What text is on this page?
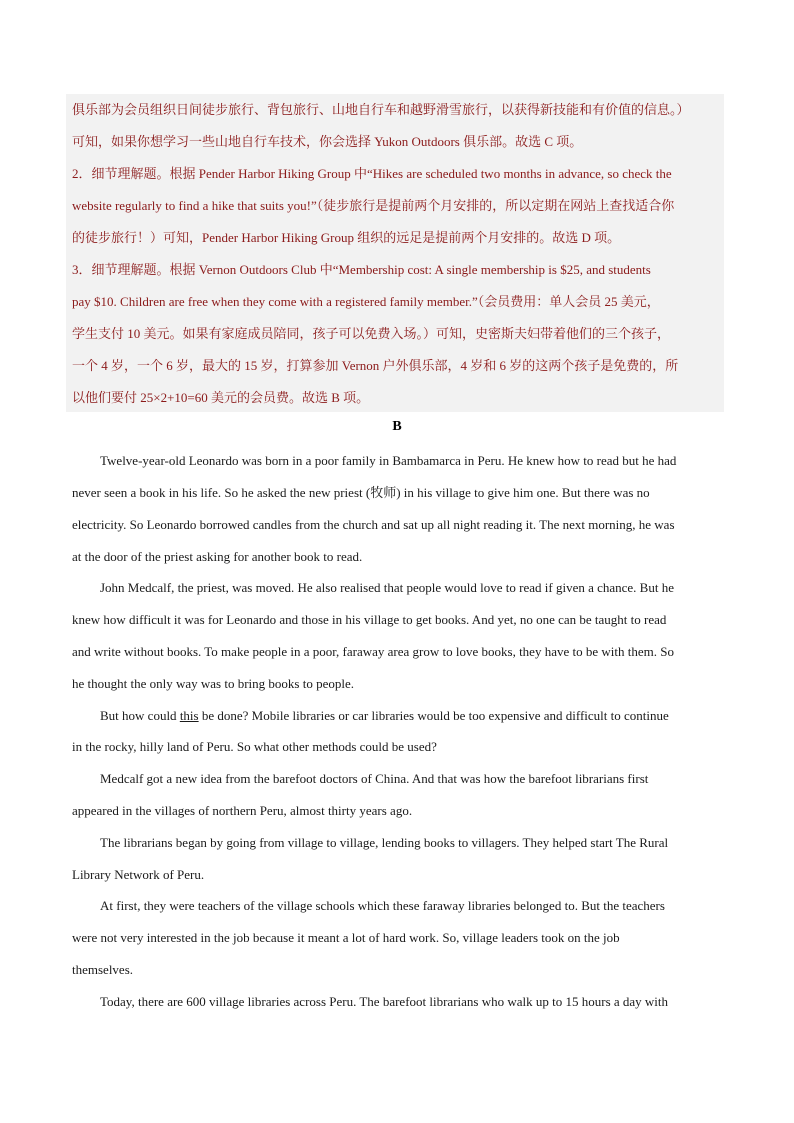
俱乐部为会员组织日间徒步旅行、背包旅行、山地自行车和越野滑雪旅行，以获得新技能和有价值的信息。）
可知，如果你想学习一些山地自行车技术，你会选择 Yukon Outdoors 俱乐部。故选 C 项。
2．细节理解题。根据 Pender Harbor Hiking Group 中“Hikes are scheduled two months in advance, so check the
website regularly to find a hike that suits you!”（徒步旅行是提前两个月安排的，所以定期在网站上查找适合你
的徒步旅行！）可知，Pender Harbor Hiking Group 组织的远足是提前两个月安排的。故选 D 项。
3．细节理解题。根据 Vernon Outdoors Club 中“Membership cost: A single membership is $25, and students
pay $10. Children are free when they come with a registered family member.”（会员费用：单人会员 25 美元，
学生支付 10 美元。如果有家庭成员陪同，孩子可以免费入场。）可知，史密斯夫妇带着他们的三个孩子，
一个 4 岁，一个 6 岁，最大的 15 岁，打算参加 Vernon 户外俱乐部，4 岁和 6 岁的这两个孩子是免费的，所
以他们要付 25×2+10=60 美元的会员费。故选 B 项。
B
Twelve-year-old Leonardo was born in a poor family in Bambamarca in Peru. He knew how to read but he had
never seen a book in his life. So he asked the new priest (牧师) in his village to give him one. But there was no
electricity. So Leonardo borrowed candles from the church and sat up all night reading it. The next morning, he was
at the door of the priest asking for another book to read.
John Medcalf, the priest, was moved. He also realised that people would love to read if given a chance. But he
knew how difficult it was for Leonardo and those in his village to get books. And yet, no one can be taught to read
and write without books. To make people in a poor, faraway area grow to love books, they have to be with them. So
he thought the only way was to bring books to people.
But how could this be done? Mobile libraries or car libraries would be too expensive and difficult to continue
in the rocky, hilly land of Peru. So what other methods could be used?
Medcalf got a new idea from the barefoot doctors of China. And that was how the barefoot librarians first
appeared in the villages of northern Peru, almost thirty years ago.
The librarians began by going from village to village, lending books to villagers. They helped start The Rural
Library Network of Peru.
At first, they were teachers of the village schools which these faraway libraries belonged to. But the teachers
were not very interested in the job because it meant a lot of hard work. So, village leaders took on the job
themselves.
Today, there are 600 village libraries across Peru. The barefoot librarians who walk up to 15 hours a day with
